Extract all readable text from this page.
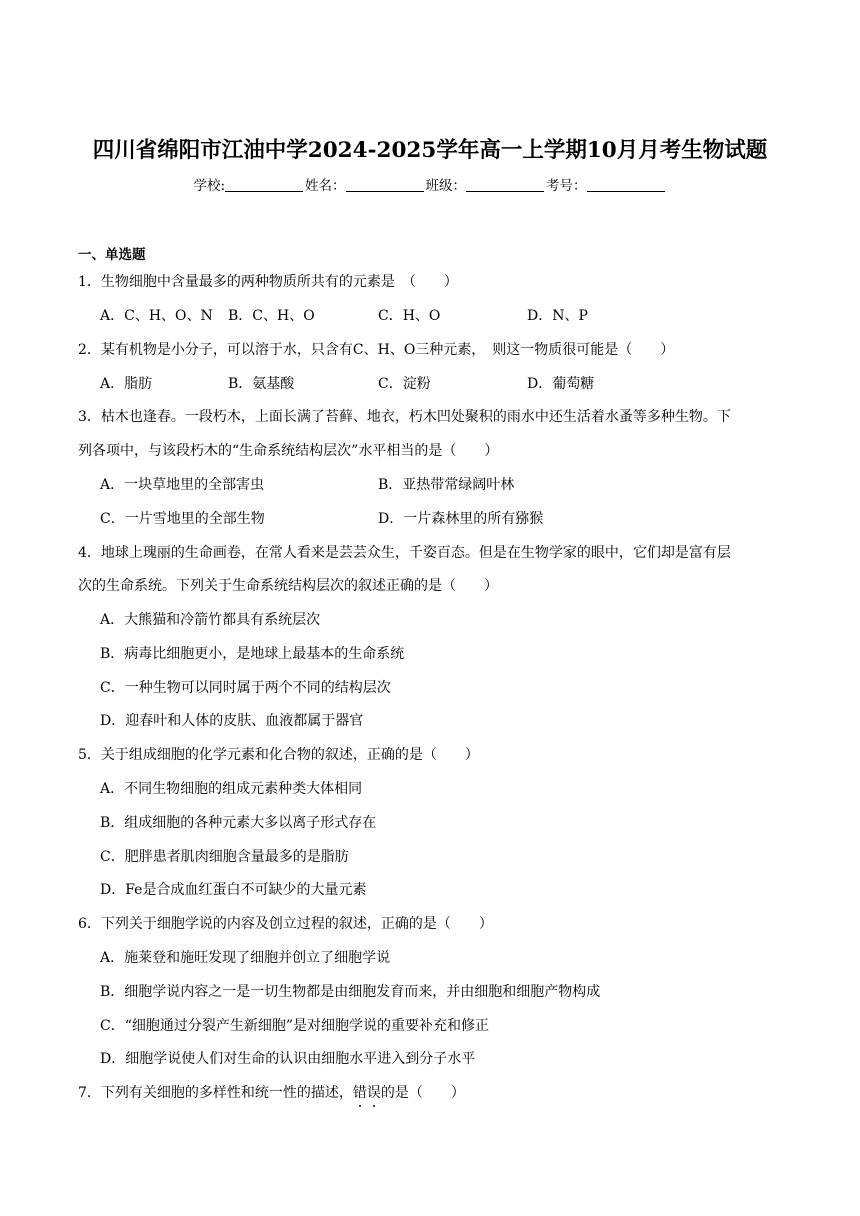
四川省绵阳市江油中学2024-2025学年高一上学期10月月考生物试题
学校:	姓名：	班级：	考号：
一、单选题
1．生物细胞中含量最多的两种物质所共有的元素是　（　　）
A．C、H、O、N B．C、H、O	C．H、O	D．N、P
2．某有机物是小分子，可以溶于水，只含有C、H、O三种元素，　则这一物质很可能是（　　）
A．脂肪	B．氨基酸	C．淀粉	D．葡萄糖
3．枯木也逢春。一段朽木，上面长满了苔藓、地衣，朽木凹处聚积的雨水中还生活着水蚤等多种生物。下
列各项中，与该段朽木的“生命系统结构层次”水平相当的是（　　）
A．一块草地里的全部害虫	B．亚热带常绿阔叶林
C．一片雪地里的全部生物	D．一片森林里的所有猕猴
4．地球上瑰丽的生命画卷，在常人看来是芸芸众生，千姿百态。但是在生物学家的眼中，它们却是富有层
次的生命系统。下列关于生命系统结构层次的叙述正确的是（　　）
A．大熊猫和冷箭竹都具有系统层次
B．病毒比细胞更小，是地球上最基本的生命系统
C．一种生物可以同时属于两个不同的结构层次
D．迎春叶和人体的皮肤、血液都属于器官
5．关于组成细胞的化学元素和化合物的叙述，正确的是（　　）
A．不同生物细胞的组成元素种类大体相同
B．组成细胞的各种元素大多以离子形式存在
C．肥胖患者肌肉细胞含量最多的是脂肪
D．Fe是合成血红蛋白不可缺少的大量元素
6．下列关于细胞学说的内容及创立过程的叙述，正确的是（　　）
A．施莱登和施旺发现了细胞并创立了细胞学说
B．细胞学说内容之一是一切生物都是由细胞发育而来，并由细胞和细胞产物构成
C．“细胞通过分裂产生新细胞”是对细胞学说的重要补充和修正
D．细胞学说使人们对生命的认识由细胞水平进入到分子水平
7．下列有关细胞的多样性和统一性的描述，错
误
的是（　　）
